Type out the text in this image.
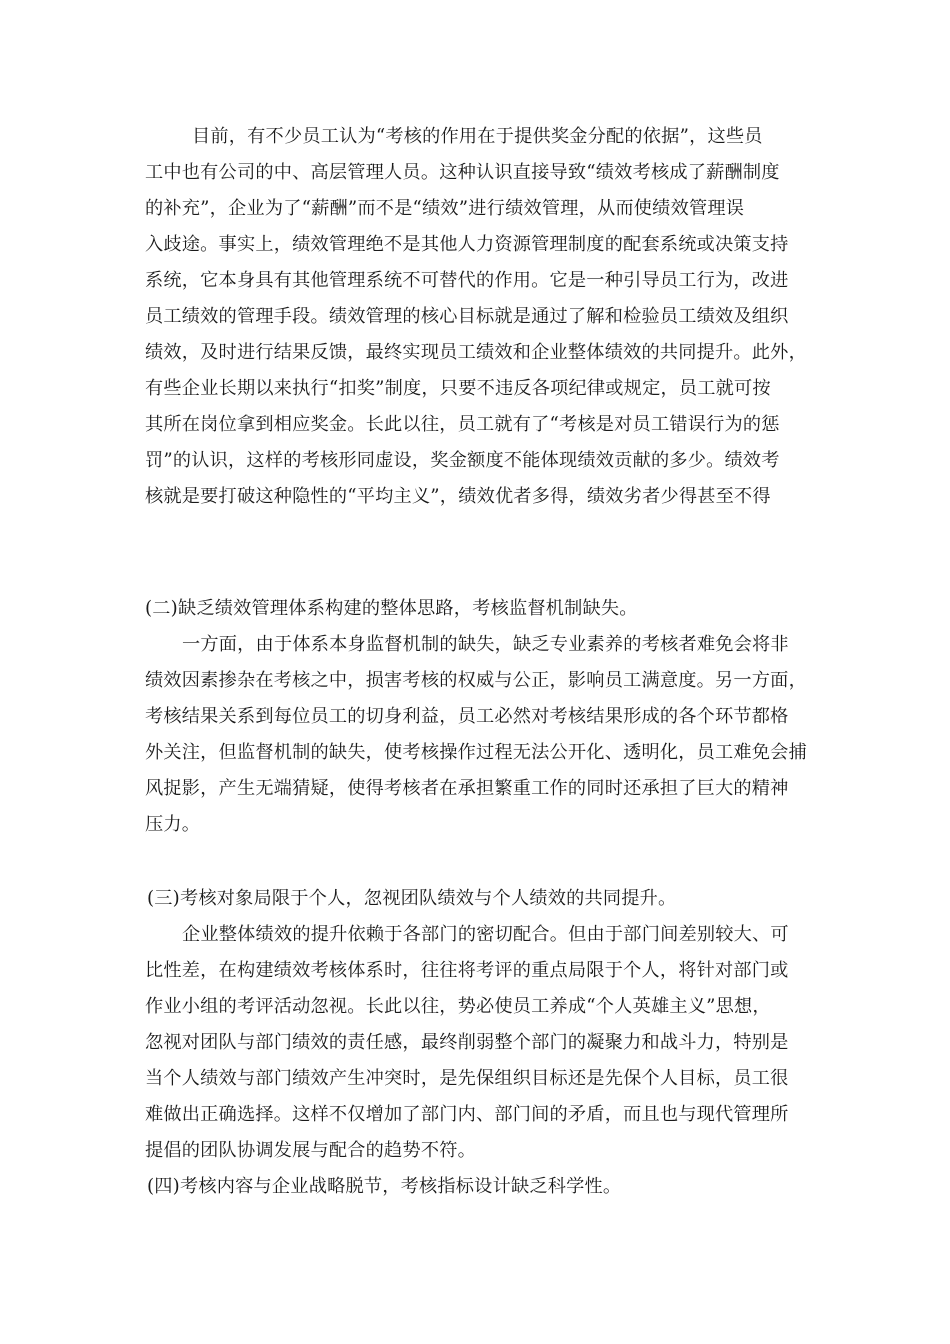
目前，有不少员工认为“考核的作用在于提供奖金分配的依据”，这些员
工中也有公司的中、高层管理人员。这种认识直接导致“绩效考核成了薪酬制度
的补充”，企业为了“薪酬”而不是“绩效”进行绩效管理，从而使绩效管理误
入歧途。事实上，绩效管理绝不是其他人力资源管理制度的配套系统或决策支持
系统，它本身具有其他管理系统不可替代的作用。它是一种引导员工行为，改进
员工绩效的管理手段。绩效管理的核心目标就是通过了解和检验员工绩效及组织
绩效，及时进行结果反馈，最终实现员工绩效和企业整体绩效的共同提升。此外，
有些企业长期以来执行“扣奖”制度，只要不违反各项纪律或规定，员工就可按
其所在岗位拿到相应奖金。长此以往，员工就有了“考核是对员工错误行为的惩
罚”的认识，这样的考核形同虚设，奖金额度不能体现绩效贡献的多少。绩效考
核就是要打破这种隐性的“平均主义”，绩效优者多得，绩效劣者少得甚至不得
(二)缺乏绩效管理体系构建的整体思路，考核监督机制缺失。
一方面，由于体系本身监督机制的缺失，缺乏专业素养的考核者难免会将非
绩效因素掺杂在考核之中，损害考核的权威与公正，影响员工满意度。另一方面，
考核结果关系到每位员工的切身利益，员工必然对考核结果形成的各个环节都格
外关注，但监督机制的缺失，使考核操作过程无法公开化、透明化，员工难免会捕
风捉影，产生无端猜疑，使得考核者在承担繁重工作的同时还承担了巨大的精神
压力。
(三)考核对象局限于个人，忽视团队绩效与个人绩效的共同提升。
企业整体绩效的提升依赖于各部门的密切配合。但由于部门间差别较大、可
比性差，在构建绩效考核体系时，往往将考评的重点局限于个人，将针对部门或
作业小组的考评活动忽视。长此以往，势必使员工养成“个人英雄主义”思想，
忽视对团队与部门绩效的责任感，最终削弱整个部门的凝聚力和战斗力，特别是
当个人绩效与部门绩效产生冲突时，是先保组织目标还是先保个人目标，员工很
难做出正确选择。这样不仅增加了部门内、部门间的矛盾，而且也与现代管理所
提倡的团队协调发展与配合的趋势不符。
(四)考核内容与企业战略脱节，考核指标设计缺乏科学性。
